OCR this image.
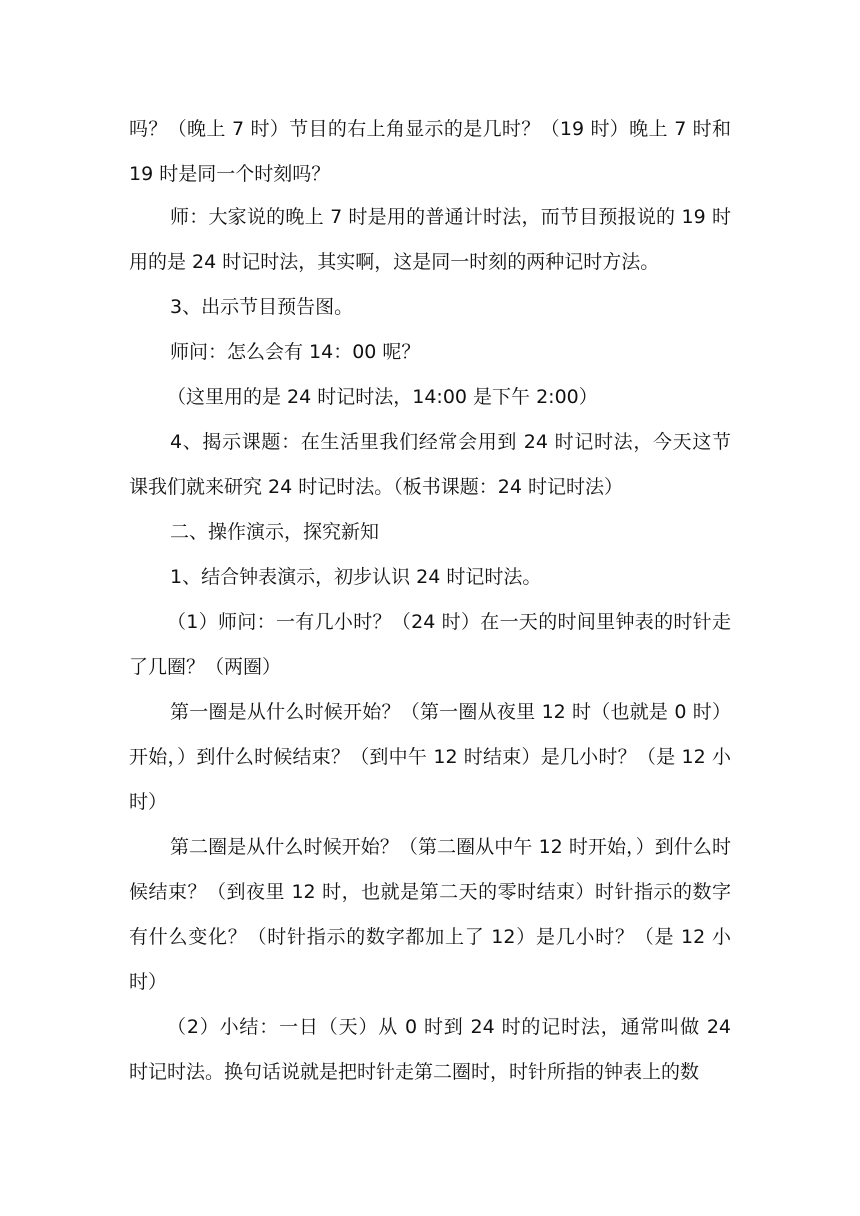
吗？（晚上 7 时）节目的右上角显示的是几时？（19 时）晚上 7 时和 19 时是同一个时刻吗？

师：大家说的晚上 7 时是用的普通计时法，而节目预报说的 19 时用的是 24 时记时法，其实啊，这是同一时刻的两种记时方法。

3、出示节目预告图。

师问：怎么会有 14：00 呢？

（这里用的是 24 时记时法，14:00 是下午 2:00）

4、揭示课题：在生活里我们经常会用到 24 时记时法，今天这节课我们就来研究 24 时记时法。（板书课题：24 时记时法）

二、操作演示，探究新知

1、结合钟表演示，初步认识 24 时记时法。

（1）师问：一有几小时？（24 时）在一天的时间里钟表的时针走了几圈？（两圈）

第一圈是从什么时候开始？（第一圈从夜里 12 时（也就是 0 时）开始，）到什么时候结束？（到中午 12 时结束）是几小时？（是 12 小时）

第二圈是从什么时候开始？（第二圈从中午 12 时开始，）到什么时候结束？（到夜里 12 时，也就是第二天的零时结束）时针指示的数字有什么变化？（时针指示的数字都加上了 12）是几小时？（是 12 小时）

（2）小结：一日（天）从 0 时到 24 时的记时法，通常叫做 24 时记时法。换句话说就是把时针走第二圈时，时针所指的钟表上的数
